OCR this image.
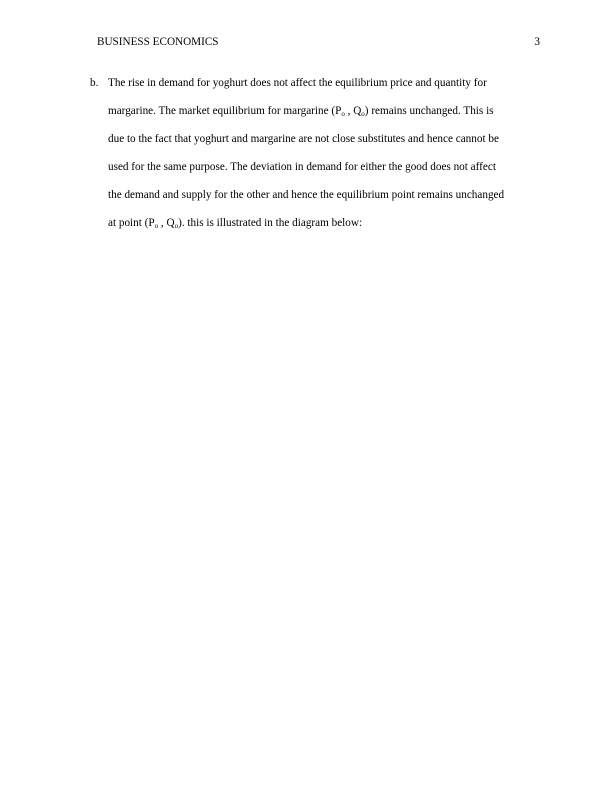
BUSINESS ECONOMICS	3
b. The rise in demand for yoghurt does not affect the equilibrium price and quantity for
margarine. The market equilibrium for margarine ($P_o$ , $Q_o$) remains unchanged. This is
due to the fact that yoghurt and margarine are not close substitutes and hence cannot be
used for the same purpose. The deviation in demand for either the good does not affect
the demand and supply for the other and hence the equilibrium point remains unchanged
at point ($P_o$ , $Q_o$). this is illustrated in the diagram below:
